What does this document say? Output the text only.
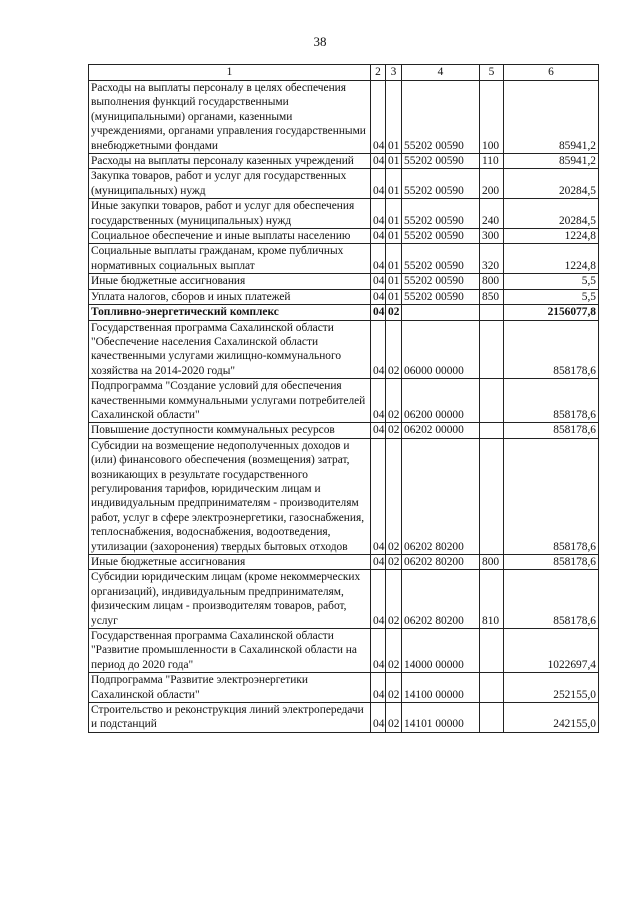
38
1	2	3	4	5	6
Расходы на выплаты персоналу в целях обеспечения выполнения функций государственными (муниципальными) органами, казенными учреждениями, органами управления государственными внебюджетными фондами	04	01	55202 00590	100	85941,2
Расходы на выплаты персоналу казенных учреждений	04	01	55202 00590	110	85941,2
Закупка товаров, работ и услуг для государственных (муниципальных) нужд	04	01	55202 00590	200	20284,5
Иные закупки товаров, работ и услуг для обеспечения государственных (муниципальных) нужд	04	01	55202 00590	240	20284,5
Социальное обеспечение и иные выплаты населению	04	01	55202 00590	300	1224,8
Социальные выплаты гражданам, кроме публичных нормативных социальных выплат	04	01	55202 00590	320	1224,8
Иные бюджетные ассигнования	04	01	55202 00590	800	5,5
Уплата налогов, сборов и иных платежей	04	01	55202 00590	850	5,5
Топливно-энергетический комплекс	04	02			2156077,8
Государственная программа Сахалинской области "Обеспечение населения Сахалинской области качественными услугами жилищно-коммунального хозяйства на 2014-2020 годы"	04	02	06000 00000		858178,6
Подпрограмма "Создание условий для обеспечения качественными коммунальными услугами потребителей Сахалинской области"	04	02	06200 00000		858178,6
Повышение доступности коммунальных ресурсов	04	02	06202 00000		858178,6
Субсидии на возмещение недополученных доходов и (или) финансового обеспечения (возмещения) затрат, возникающих в результате государственного регулирования тарифов, юридическим лицам и индивидуальным предпринимателям - производителям работ, услуг в сфере электроэнергетики, газоснабжения, теплоснабжения, водоснабжения, водоотведения, утилизации (захоронения) твердых бытовых отходов	04	02	06202 80200		858178,6
Иные бюджетные ассигнования	04	02	06202 80200	800	858178,6
Субсидии юридическим лицам (кроме некоммерческих организаций), индивидуальным предпринимателям, физическим лицам - производителям товаров, работ, услуг	04	02	06202 80200	810	858178,6
Государственная программа Сахалинской области "Развитие промышленности в Сахалинской области на период до 2020 года"	04	02	14000 00000		1022697,4
Подпрограмма "Развитие электроэнергетики Сахалинской области"	04	02	14100 00000		252155,0
Строительство и реконструкция линий электропередачи и подстанций	04	02	14101 00000		242155,0
